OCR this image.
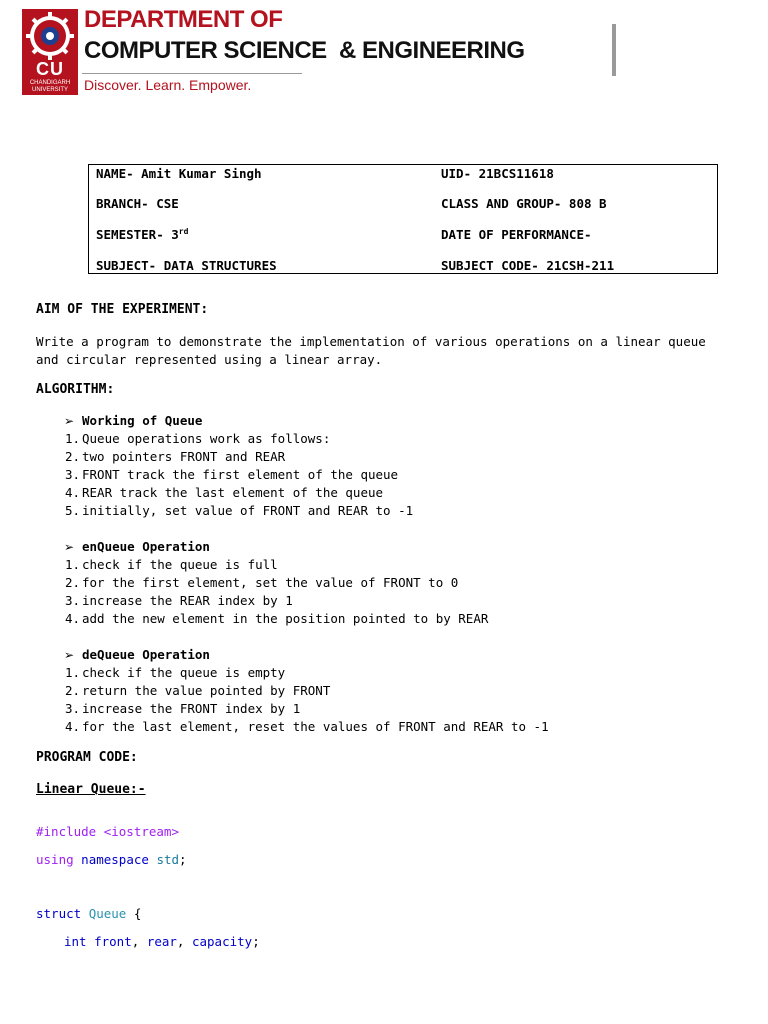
CU
CHANDIGARH
UNIVERSITY
DEPARTMENT OF
COMPUTER SCIENCE & ENGINEERING
Discover. Learn. Empower.
NAME- Amit Kumar Singh	UID- 21BCS11618
BRANCH- CSE	CLASS AND GROUP- 808 B
SEMESTER- 3rd	DATE OF PERFORMANCE-
SUBJECT- DATA STRUCTURES	SUBJECT CODE- 21CSH-211
AIM OF THE EXPERIMENT:
Write a program to demonstrate the implementation of various operations on a linear queue
and circular represented using a linear array.
ALGORITHM:
➢ Working of Queue
1. Queue operations work as follows:
2. two pointers FRONT and REAR
3. FRONT track the first element of the queue
4. REAR track the last element of the queue
5. initially, set value of FRONT and REAR to -1
➢ enQueue Operation
1. check if the queue is full
2. for the first element, set the value of FRONT to 0
3. increase the REAR index by 1
4. add the new element in the position pointed to by REAR
➢ deQueue Operation
1. check if the queue is empty
2. return the value pointed by FRONT
3. increase the FRONT index by 1
4. for the last element, reset the values of FRONT and REAR to -1
PROGRAM CODE:
Linear Queue:-
#include <iostream>
using namespace std;
struct Queue {
int front, rear, capacity;
